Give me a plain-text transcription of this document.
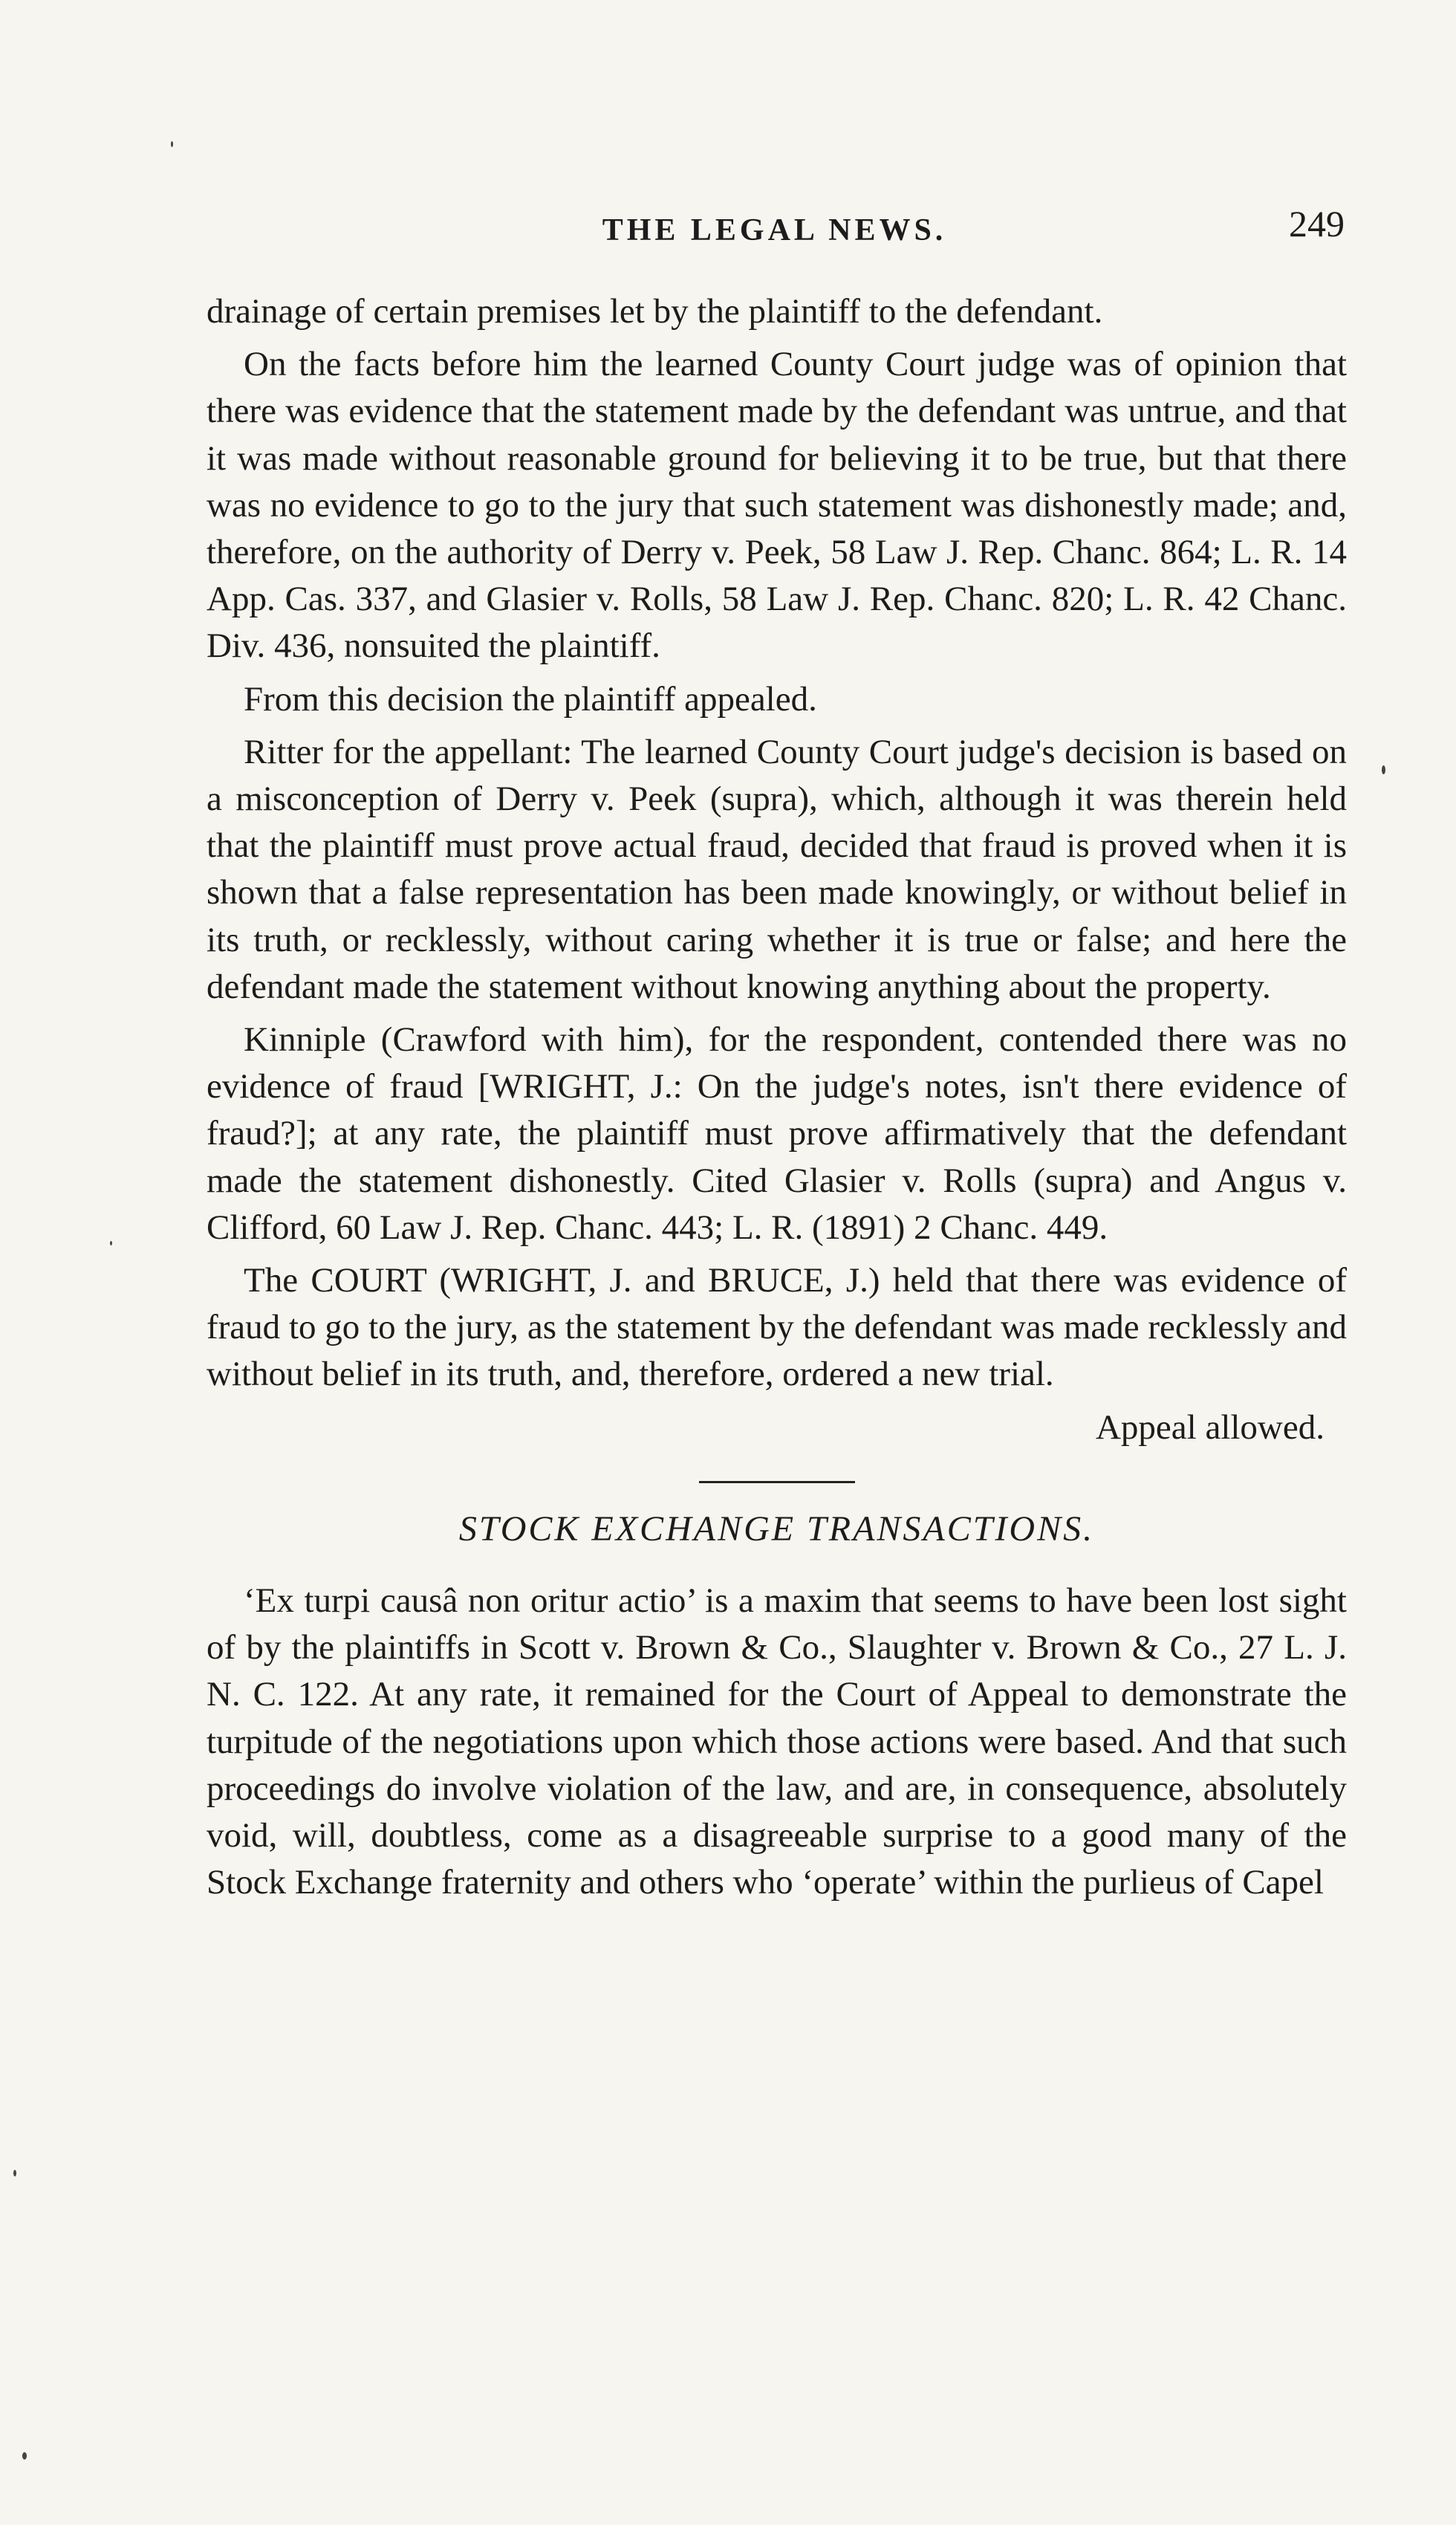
THE LEGAL NEWS.	249

drainage of certain premises let by the plaintiff to the defendant.

On the facts before him the learned County Court judge was of opinion that there was evidence that the statement made by the defendant was untrue, and that it was made without reasonable ground for believing it to be true, but that there was no evidence to go to the jury that such statement was dishonestly made; and, therefore, on the authority of Derry v. Peek, 58 Law J. Rep. Chanc. 864; L. R. 14 App. Cas. 337, and Glasier v. Rolls, 58 Law J. Rep. Chanc. 820; L. R. 42 Chanc. Div. 436, nonsuited the plaintiff.

From this decision the plaintiff appealed.

Ritter for the appellant: The learned County Court judge's decision is based on a misconception of Derry v. Peek (supra), which, although it was therein held that the plaintiff must prove actual fraud, decided that fraud is proved when it is shown that a false representation has been made knowingly, or without belief in its truth, or recklessly, without caring whether it is true or false; and here the defendant made the statement without knowing anything about the property.

Kinniple (Crawford with him), for the respondent, contended there was no evidence of fraud [WRIGHT, J.: On the judge's notes, isn't there evidence of fraud?]; at any rate, the plaintiff must prove affirmatively that the defendant made the statement dishonestly. Cited Glasier v. Rolls (supra) and Angus v. Clifford, 60 Law J. Rep. Chanc. 443; L. R. (1891) 2 Chanc. 449.

The COURT (WRIGHT, J. and BRUCE, J.) held that there was evidence of fraud to go to the jury, as the statement by the defendant was made recklessly and without belief in its truth, and, therefore, ordered a new trial.

Appeal allowed.

STOCK EXCHANGE TRANSACTIONS.

‘Ex turpi causâ non oritur actio’ is a maxim that seems to have been lost sight of by the plaintiffs in Scott v. Brown & Co., Slaughter v. Brown & Co., 27 L. J. N. C. 122. At any rate, it remained for the Court of Appeal to demonstrate the turpitude of the negotiations upon which those actions were based. And that such proceedings do involve violation of the law, and are, in consequence, absolutely void, will, doubtless, come as a disagreeable surprise to a good many of the Stock Exchange fraternity and others who ‘operate’ within the purlieus of Capel
